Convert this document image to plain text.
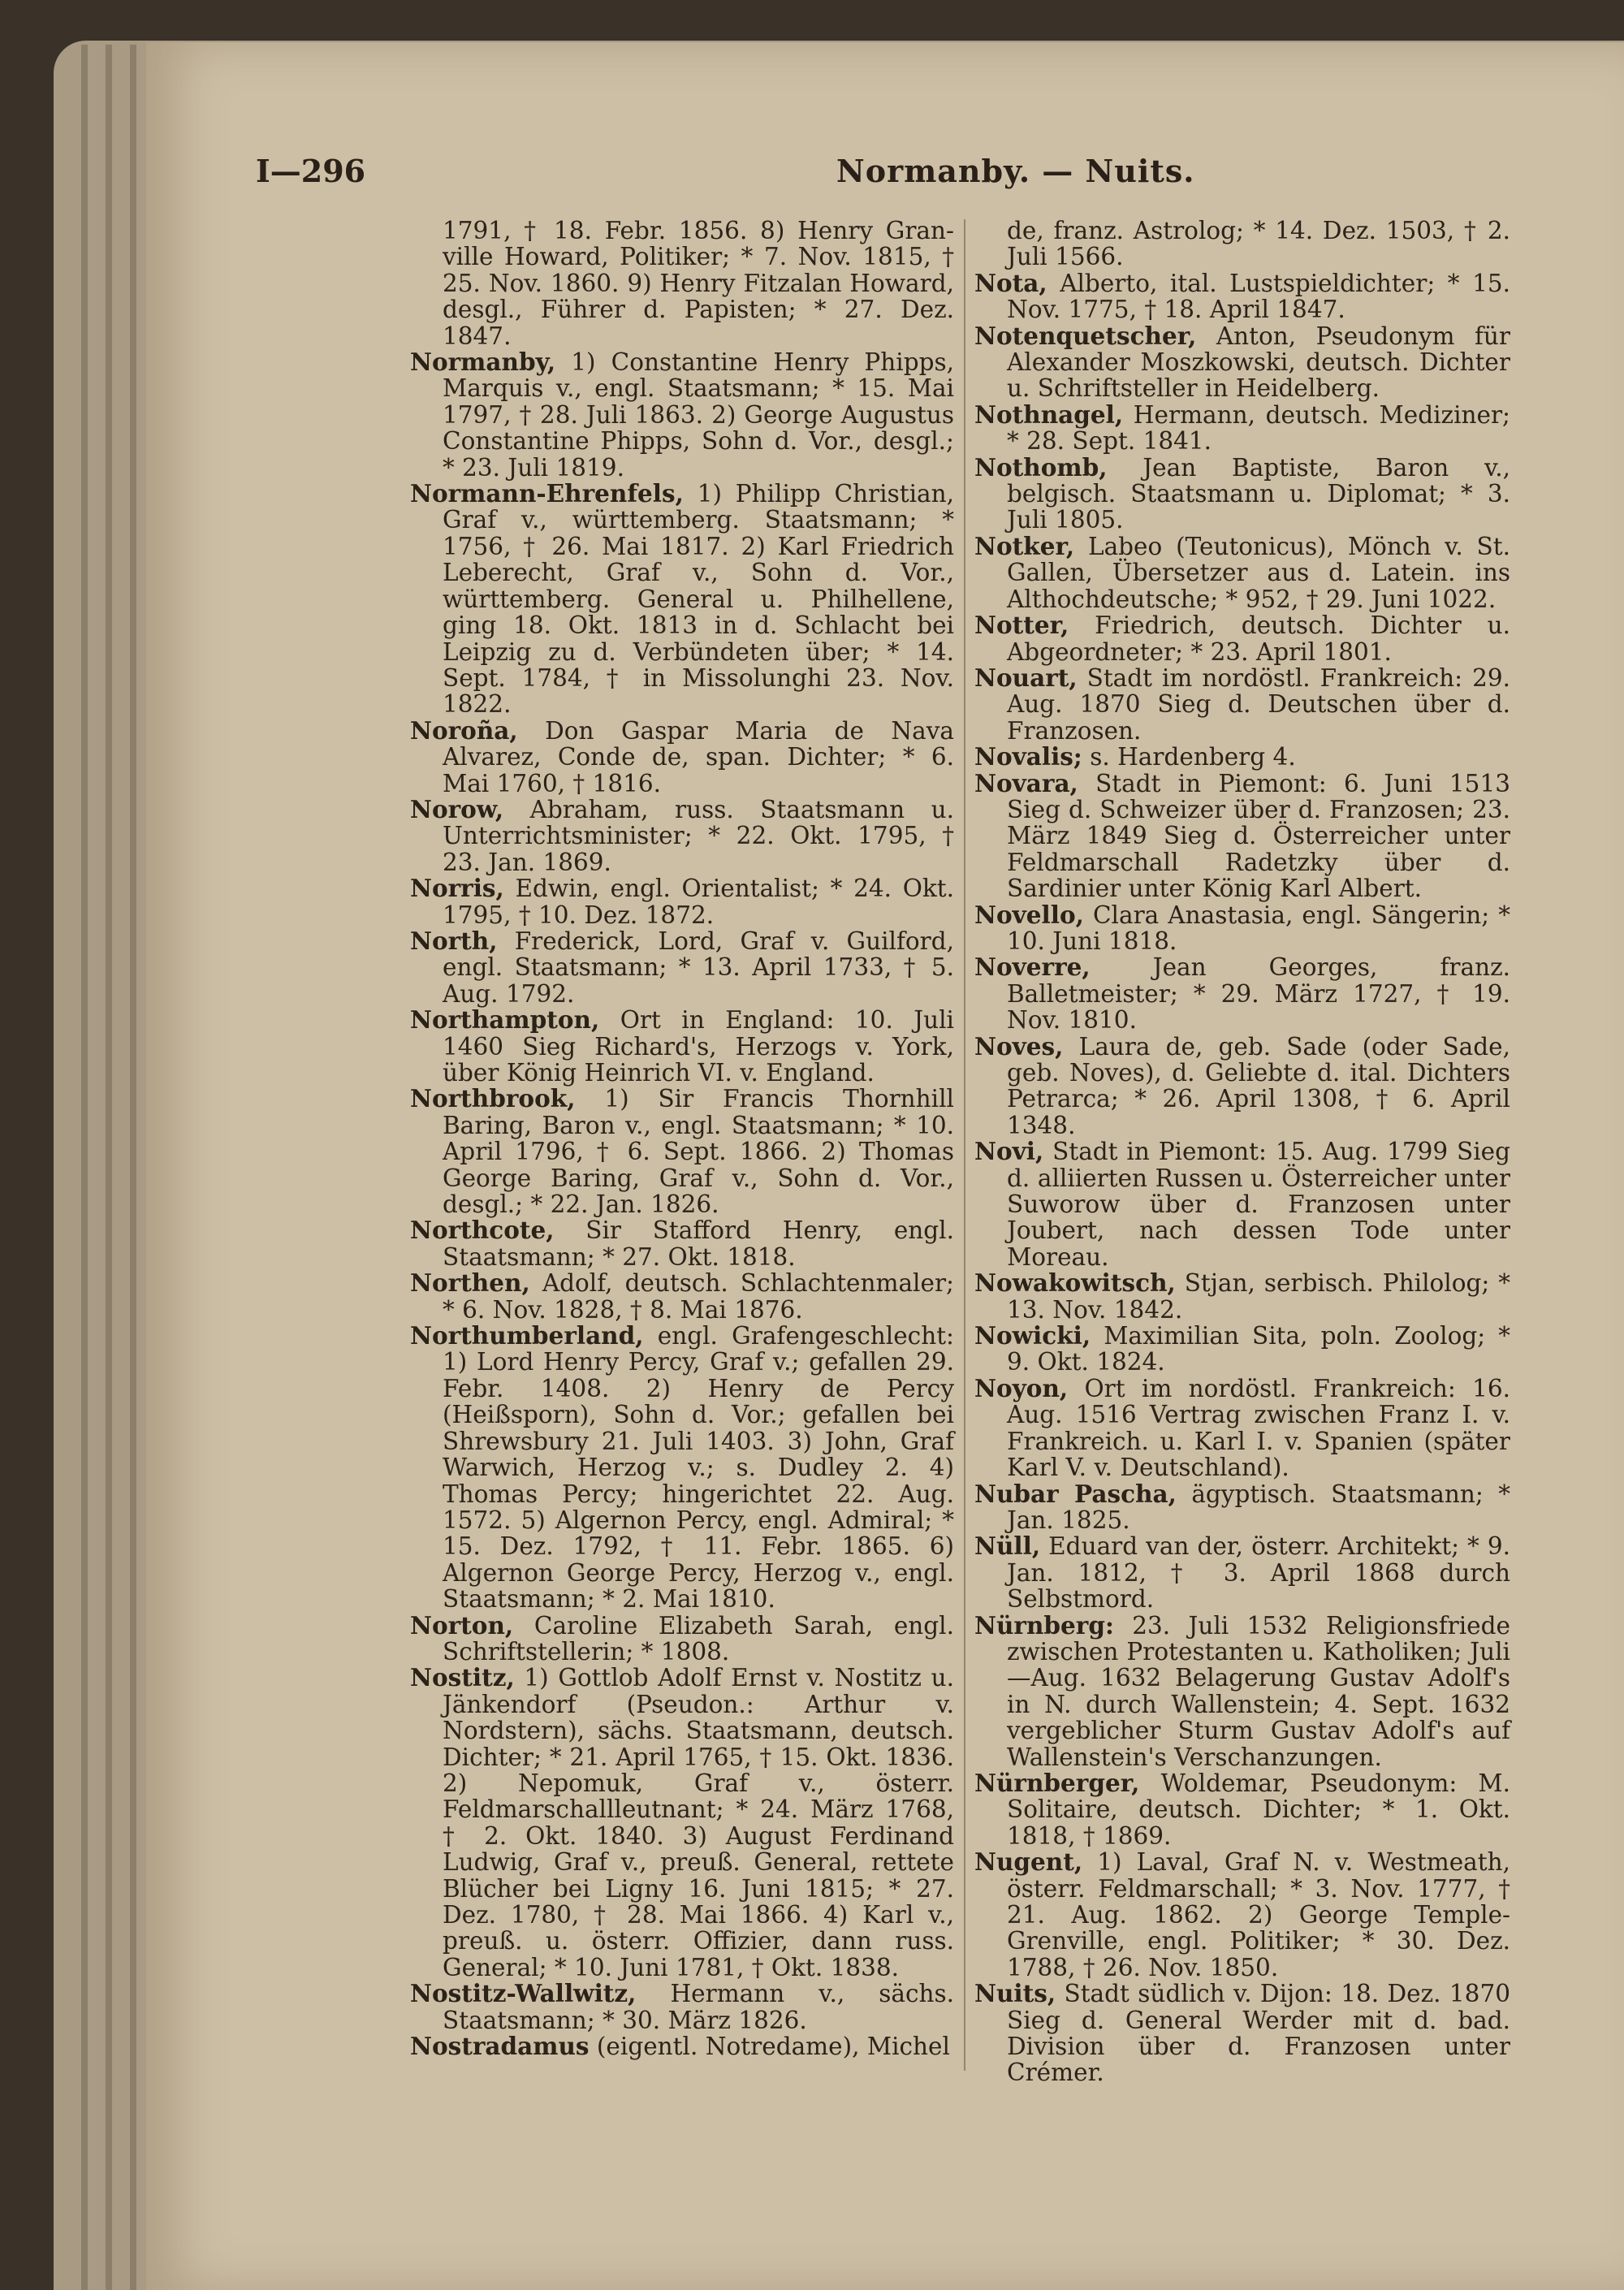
I—296	Normanby. — Nuits.

1791, † 18. Febr. 1856. 8) Henry Granville Howard, Politiker; * 7. Nov. 1815, † 25. Nov. 1860. 9) Henry Fitzalan Howard, desgl., Führer d. Papisten; * 27. Dez. 1847.

Normanby, 1) Constantine Henry Phipps, Marquis v., engl. Staatsmann; * 15. Mai 1797, † 28. Juli 1863. 2) George Augustus Constantine Phipps, Sohn d. Vor., desgl.; * 23. Juli 1819.

Normann-Ehrenfels, 1) Philipp Christian, Graf v., württemberg. Staatsmann; * 1756, † 26. Mai 1817. 2) Karl Friedrich Leberecht, Graf v., Sohn d. Vor., württemberg. General u. Philhellene, ging 18. Okt. 1813 in d. Schlacht bei Leipzig zu d. Verbündeten über; * 14. Sept. 1784, † in Missolunghi 23. Nov. 1822.

Noroña, Don Gaspar Maria de Nava Alvarez, Conde de, span. Dichter; * 6. Mai 1760, † 1816.

Norow, Abraham, russ. Staatsmann u. Unterrichtsminister; * 22. Okt. 1795, † 23. Jan. 1869.

Norris, Edwin, engl. Orientalist; * 24. Okt. 1795, † 10. Dez. 1872.

North, Frederick, Lord, Graf v. Guilford, engl. Staatsmann; * 13. April 1733, † 5. Aug. 1792.

Northampton, Ort in England: 10. Juli 1460 Sieg Richard's, Herzogs v. York, über König Heinrich VI. v. England.

Northbrook, 1) Sir Francis Thornhill Baring, Baron v., engl. Staatsmann; * 10. April 1796, † 6. Sept. 1866. 2) Thomas George Baring, Graf v., Sohn d. Vor., desgl.; * 22. Jan. 1826.

Northcote, Sir Stafford Henry, engl. Staatsmann; * 27. Okt. 1818.

Northen, Adolf, deutsch. Schlachtenmaler; * 6. Nov. 1828, † 8. Mai 1876.

Northumberland, engl. Grafengeschlecht: 1) Lord Henry Percy, Graf v.; gefallen 29. Febr. 1408. 2) Henry de Percy (Heißsporn), Sohn d. Vor.; gefallen bei Shrewsbury 21. Juli 1403. 3) John, Graf Warwich, Herzog v.; s. Dudley 2. 4) Thomas Percy; hingerichtet 22. Aug. 1572. 5) Algernon Percy, engl. Admiral; * 15. Dez. 1792, † 11. Febr. 1865. 6) Algernon George Percy, Herzog v., engl. Staatsmann; * 2. Mai 1810.

Norton, Caroline Elizabeth Sarah, engl. Schriftstellerin; * 1808.

Nostitz, 1) Gottlob Adolf Ernst v. Nostitz u. Jänkendorf (Pseudon.: Arthur v. Nordstern), sächs. Staatsmann, deutsch. Dichter; * 21. April 1765, † 15. Okt. 1836. 2) Nepomuk, Graf v., österr. Feldmarschallleutnant; * 24. März 1768, † 2. Okt. 1840. 3) August Ferdinand Ludwig, Graf v., preuß. General, rettete Blücher bei Ligny 16. Juni 1815; * 27. Dez. 1780, † 28. Mai 1866. 4) Karl v., preuß. u. österr. Offizier, dann russ. General; * 10. Juni 1781, † Okt. 1838.

Nostitz-Wallwitz, Hermann v., sächs. Staatsmann; * 30. März 1826.

Nostradamus (eigentl. Notredame), Michel

de, franz. Astrolog; * 14. Dez. 1503, † 2. Juli 1566.

Nota, Alberto, ital. Lustspieldichter; * 15. Nov. 1775, † 18. April 1847.

Notenquetscher, Anton, Pseudonym für Alexander Moszkowski, deutsch. Dichter u. Schriftsteller in Heidelberg.

Nothnagel, Hermann, deutsch. Mediziner; * 28. Sept. 1841.

Nothomb, Jean Baptiste, Baron v., belgisch. Staatsmann u. Diplomat; * 3. Juli 1805.

Notker, Labeo (Teutonicus), Mönch v. St. Gallen, Übersetzer aus d. Latein. ins Althochdeutsche; * 952, † 29. Juni 1022.

Notter, Friedrich, deutsch. Dichter u. Abgeordneter; * 23. April 1801.

Nouart, Stadt im nordöstl. Frankreich: 29. Aug. 1870 Sieg d. Deutschen über d. Franzosen.

Novalis; s. Hardenberg 4.

Novara, Stadt in Piemont: 6. Juni 1513 Sieg d. Schweizer über d. Franzosen; 23. März 1849 Sieg d. Österreicher unter Feldmarschall Radetzky über d. Sardinier unter König Karl Albert.

Novello, Clara Anastasia, engl. Sängerin; * 10. Juni 1818.

Noverre, Jean Georges, franz. Balletmeister; * 29. März 1727, † 19. Nov. 1810.

Noves, Laura de, geb. Sade (oder Sade, geb. Noves), d. Geliebte d. ital. Dichters Petrarca; * 26. April 1308, † 6. April 1348.

Novi, Stadt in Piemont: 15. Aug. 1799 Sieg d. alliierten Russen u. Österreicher unter Suworow über d. Franzosen unter Joubert, nach dessen Tode unter Moreau.

Nowakowitsch, Stjan, serbisch. Philolog; * 13. Nov. 1842.

Nowicki, Maximilian Sita, poln. Zoolog; * 9. Okt. 1824.

Noyon, Ort im nordöstl. Frankreich: 16. Aug. 1516 Vertrag zwischen Franz I. v. Frankreich. u. Karl I. v. Spanien (später Karl V. v. Deutschland).

Nubar Pascha, ägyptisch. Staatsmann; * Jan. 1825.

Nüll, Eduard van der, österr. Architekt; * 9. Jan. 1812, † 3. April 1868 durch Selbstmord.

Nürnberg: 23. Juli 1532 Religionsfriede zwischen Protestanten u. Katholiken; Juli—Aug. 1632 Belagerung Gustav Adolf's in N. durch Wallenstein; 4. Sept. 1632 vergeblicher Sturm Gustav Adolf's auf Wallenstein's Verschanzungen.

Nürnberger, Woldemar, Pseudonym: M. Solitaire, deutsch. Dichter; * 1. Okt. 1818, † 1869.

Nugent, 1) Laval, Graf N. v. Westmeath, österr. Feldmarschall; * 3. Nov. 1777, † 21. Aug. 1862. 2) George Temple-Grenville, engl. Politiker; * 30. Dez. 1788, † 26. Nov. 1850.

Nuits, Stadt südlich v. Dijon: 18. Dez. 1870 Sieg d. General Werder mit d. bad. Division über d. Franzosen unter Crémer.
